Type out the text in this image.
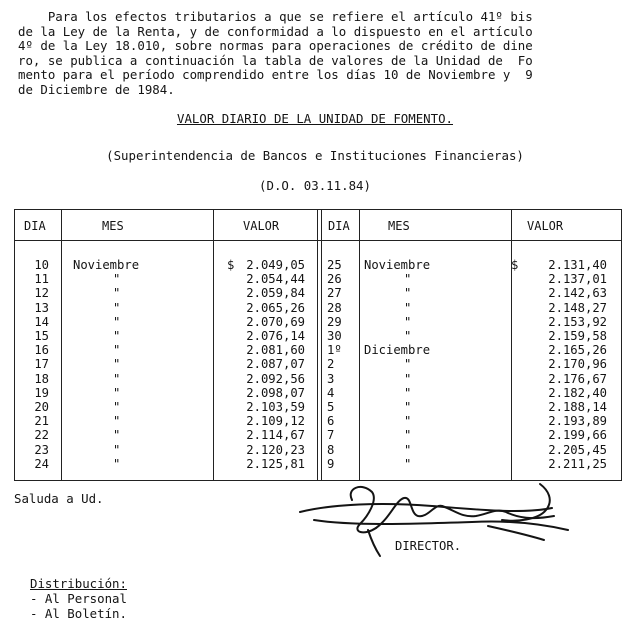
Para los efectos tributarios a que se refiere el artículo 41º bis
de la Ley de la Renta, y de conformidad a lo dispuesto en el artículo
4º de la Ley 18.010, sobre normas para operaciones de crédito de dine
ro, se publica a continuación la tabla de valores de la Unidad de  Fo
mento para el período comprendido entre los días 10 de Noviembre y  9
de Diciembre de 1984.
VALOR DIARIO DE LA UNIDAD DE FOMENTO.
(Superintendencia de Bancos e Instituciones Financieras)
(D.O. 03.11.84)
DIA	MES	VALOR	DIA	MES	VALOR
10 Noviembre	$ 2.049,05
11	"	2.054,44
12	"	2.059,84
13	"	2.065,26
14	"	2.070,69
15	"	2.076,14
16	"	2.081,60
17	"	2.087,07
18	"	2.092,56
19	"	2.098,07
20	"	2.103,59
21	"	2.109,12
22	"	2.114,67
23	"	2.120,23
24	"	2.125,81
25 Noviembre	$ 2.131,40
26	"	2.137,01
27	"	2.142,63
28	"	2.148,27
29	"	2.153,92
30	"	2.159,58
1º Diciembre	2.165,26
2	"	2.170,96
3	"	2.176,67
4	"	2.182,40
5	"	2.188,14
6	"	2.193,89
7	"	2.199,66
8	"	2.205,45
9	"	2.211,25
Saluda a Ud.
DIRECTOR.
Distribución:
- Al Personal
- Al Boletín.
